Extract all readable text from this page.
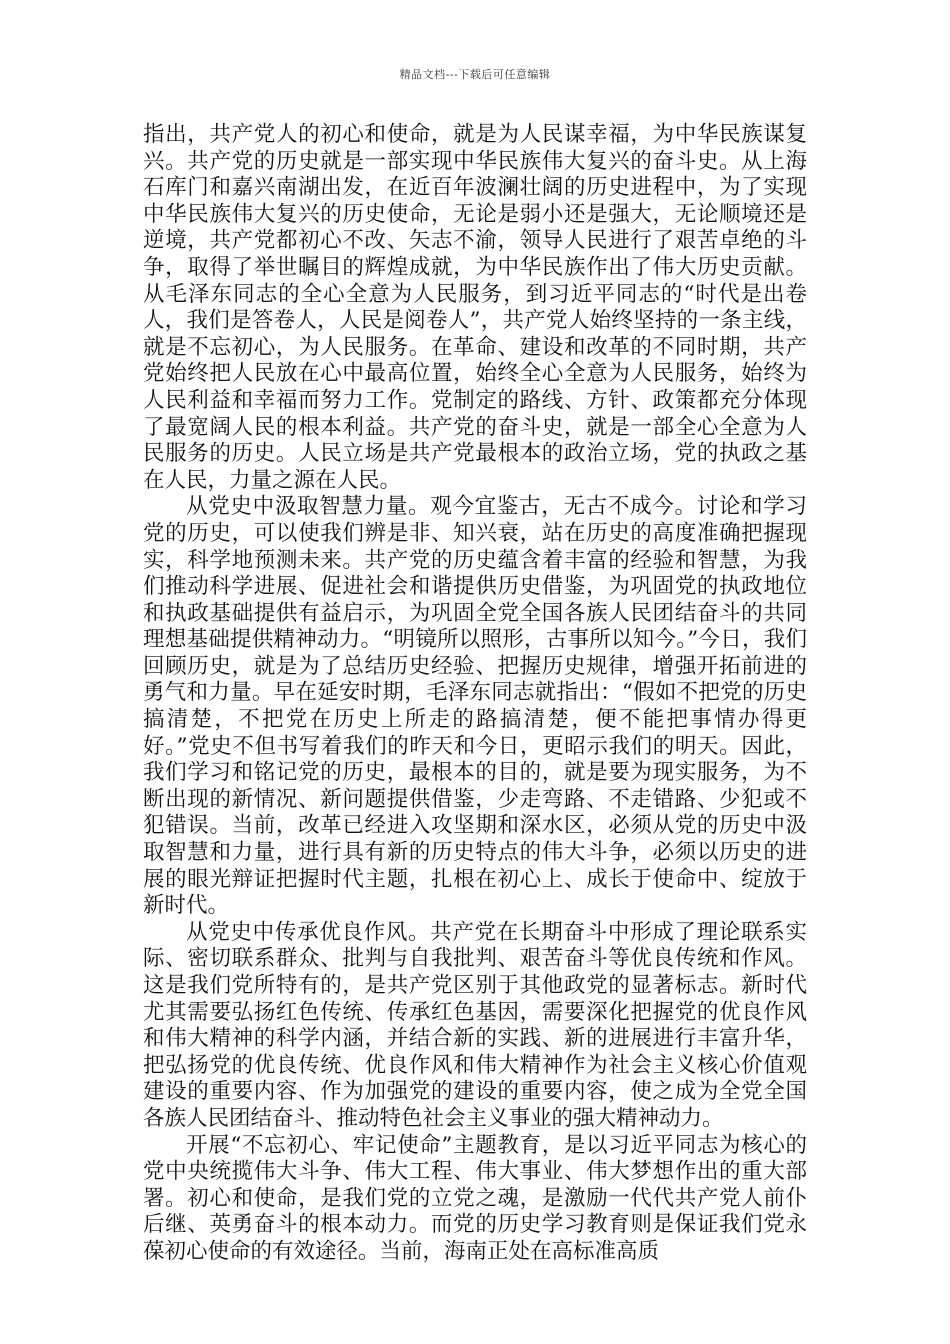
精品文档---下载后可任意编辑

指出，共产党人的初心和使命，就是为人民谋幸福，为中华民族谋复兴。共产党的历史就是一部实现中华民族伟大复兴的奋斗史。从上海石库门和嘉兴南湖出发，在近百年波澜壮阔的历史进程中，为了实现中华民族伟大复兴的历史使命，无论是弱小还是强大，无论顺境还是逆境，共产党都初心不改、矢志不渝，领导人民进行了艰苦卓绝的斗争，取得了举世瞩目的辉煌成就，为中华民族作出了伟大历史贡献。从毛泽东同志的全心全意为人民服务，到习近平同志的“时代是出卷人，我们是答卷人，人民是阅卷人”，共产党人始终坚持的一条主线，就是不忘初心，为人民服务。在革命、建设和改革的不同时期，共产党始终把人民放在心中最高位置，始终全心全意为人民服务，始终为人民利益和幸福而努力工作。党制定的路线、方针、政策都充分体现了最宽阔人民的根本利益。共产党的奋斗史，就是一部全心全意为人民服务的历史。人民立场是共产党最根本的政治立场，党的执政之基在人民，力量之源在人民。

从党史中汲取智慧力量。观今宜鉴古，无古不成今。讨论和学习党的历史，可以使我们辨是非、知兴衰，站在历史的高度准确把握现实，科学地预测未来。共产党的历史蕴含着丰富的经验和智慧，为我们推动科学进展、促进社会和谐提供历史借鉴，为巩固党的执政地位和执政基础提供有益启示，为巩固全党全国各族人民团结奋斗的共同理想基础提供精神动力。“明镜所以照形，古事所以知今。”今日，我们回顾历史，就是为了总结历史经验、把握历史规律，增强开拓前进的勇气和力量。早在延安时期，毛泽东同志就指出：“假如不把党的历史搞清楚，不把党在历史上所走的路搞清楚，便不能把事情办得更好。”党史不但书写着我们的昨天和今日，更昭示我们的明天。因此，我们学习和铭记党的历史，最根本的目的，就是要为现实服务，为不断出现的新情况、新问题提供借鉴，少走弯路、不走错路、少犯或不犯错误。当前，改革已经进入攻坚期和深水区，必须从党的历史中汲取智慧和力量，进行具有新的历史特点的伟大斗争，必须以历史的进展的眼光辩证把握时代主题，扎根在初心上、成长于使命中、绽放于新时代。

从党史中传承优良作风。共产党在长期奋斗中形成了理论联系实际、密切联系群众、批判与自我批判、艰苦奋斗等优良传统和作风。这是我们党所特有的，是共产党区别于其他政党的显著标志。新时代尤其需要弘扬红色传统、传承红色基因，需要深化把握党的优良作风和伟大精神的科学内涵，并结合新的实践、新的进展进行丰富升华，把弘扬党的优良传统、优良作风和伟大精神作为社会主义核心价值观建设的重要内容、作为加强党的建设的重要内容，使之成为全党全国各族人民团结奋斗、推动特色社会主义事业的强大精神动力。

开展“不忘初心、牢记使命”主题教育，是以习近平同志为核心的党中央统揽伟大斗争、伟大工程、伟大事业、伟大梦想作出的重大部署。初心和使命，是我们党的立党之魂，是激励一代代共产党人前仆后继、英勇奋斗的根本动力。而党的历史学习教育则是保证我们党永葆初心使命的有效途径。当前，海南正处在高标准高质
